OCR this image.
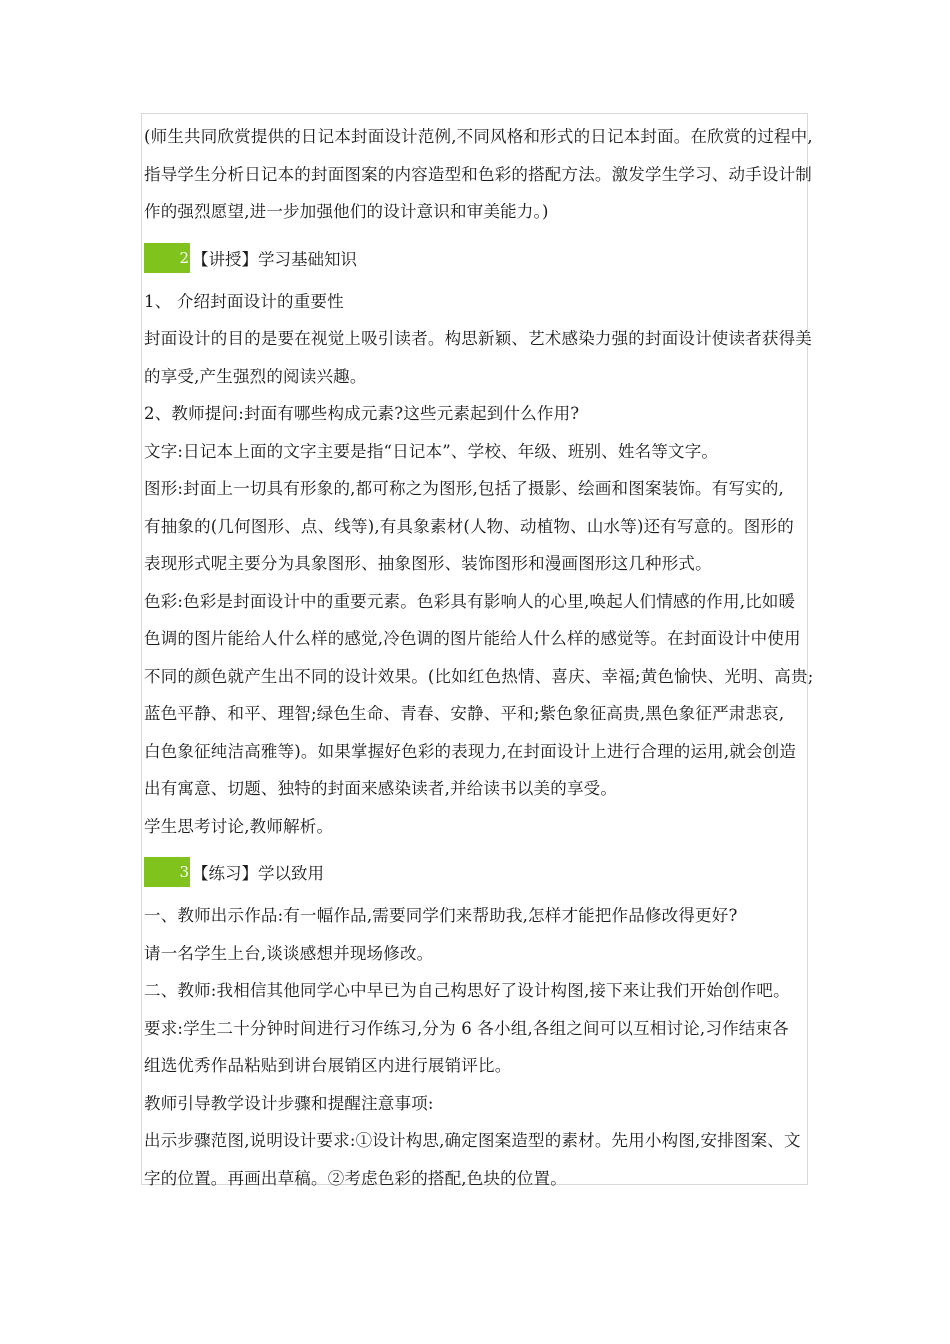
(师生共同欣赏提供的日记本封面设计范例,不同风格和形式的日记本封面。在欣赏的过程中,
指导学生分析日记本的封面图案的内容造型和色彩的搭配方法。激发学生学习、动手设计制
作的强烈愿望,进一步加强他们的设计意识和审美能力。)
2 【讲授】学习基础知识
1、 介绍封面设计的重要性
封面设计的目的是要在视觉上吸引读者。构思新颖、艺术感染力强的封面设计使读者获得美
的享受,产生强烈的阅读兴趣。
2、教师提问:封面有哪些构成元素?这些元素起到什么作用?
文字:日记本上面的文字主要是指“日记本”、学校、年级、班别、姓名等文字。
图形:封面上一切具有形象的,都可称之为图形,包括了摄影、绘画和图案装饰。有写实的,
有抽象的(几何图形、点、线等),有具象素材(人物、动植物、山水等)还有写意的。图形的
表现形式呢主要分为具象图形、抽象图形、装饰图形和漫画图形这几种形式。
色彩:色彩是封面设计中的重要元素。色彩具有影响人的心里,唤起人们情感的作用,比如暖
色调的图片能给人什么样的感觉,冷色调的图片能给人什么样的感觉等。在封面设计中使用
不同的颜色就产生出不同的设计效果。(比如红色热情、喜庆、幸福;黄色愉快、光明、高贵;
蓝色平静、和平、理智;绿色生命、青春、安静、平和;紫色象征高贵,黑色象征严肃悲哀,
白色象征纯洁高雅等)。如果掌握好色彩的表现力,在封面设计上进行合理的运用,就会创造
出有寓意、切题、独特的封面来感染读者,并给读书以美的享受。
学生思考讨论,教师解析。
3 【练习】学以致用
一、教师出示作品:有一幅作品,需要同学们来帮助我,怎样才能把作品修改得更好?
请一名学生上台,谈谈感想并现场修改。
二、教师:我相信其他同学心中早已为自己构思好了设计构图,接下来让我们开始创作吧。
要求:学生二十分钟时间进行习作练习,分为 6 各小组,各组之间可以互相讨论,习作结束各
组选优秀作品粘贴到讲台展销区内进行展销评比。
教师引导教学设计步骤和提醒注意事项:
出示步骤范图,说明设计要求:①设计构思,确定图案造型的素材。先用小构图,安排图案、文
字的位置。再画出草稿。②考虑色彩的搭配,色块的位置。
